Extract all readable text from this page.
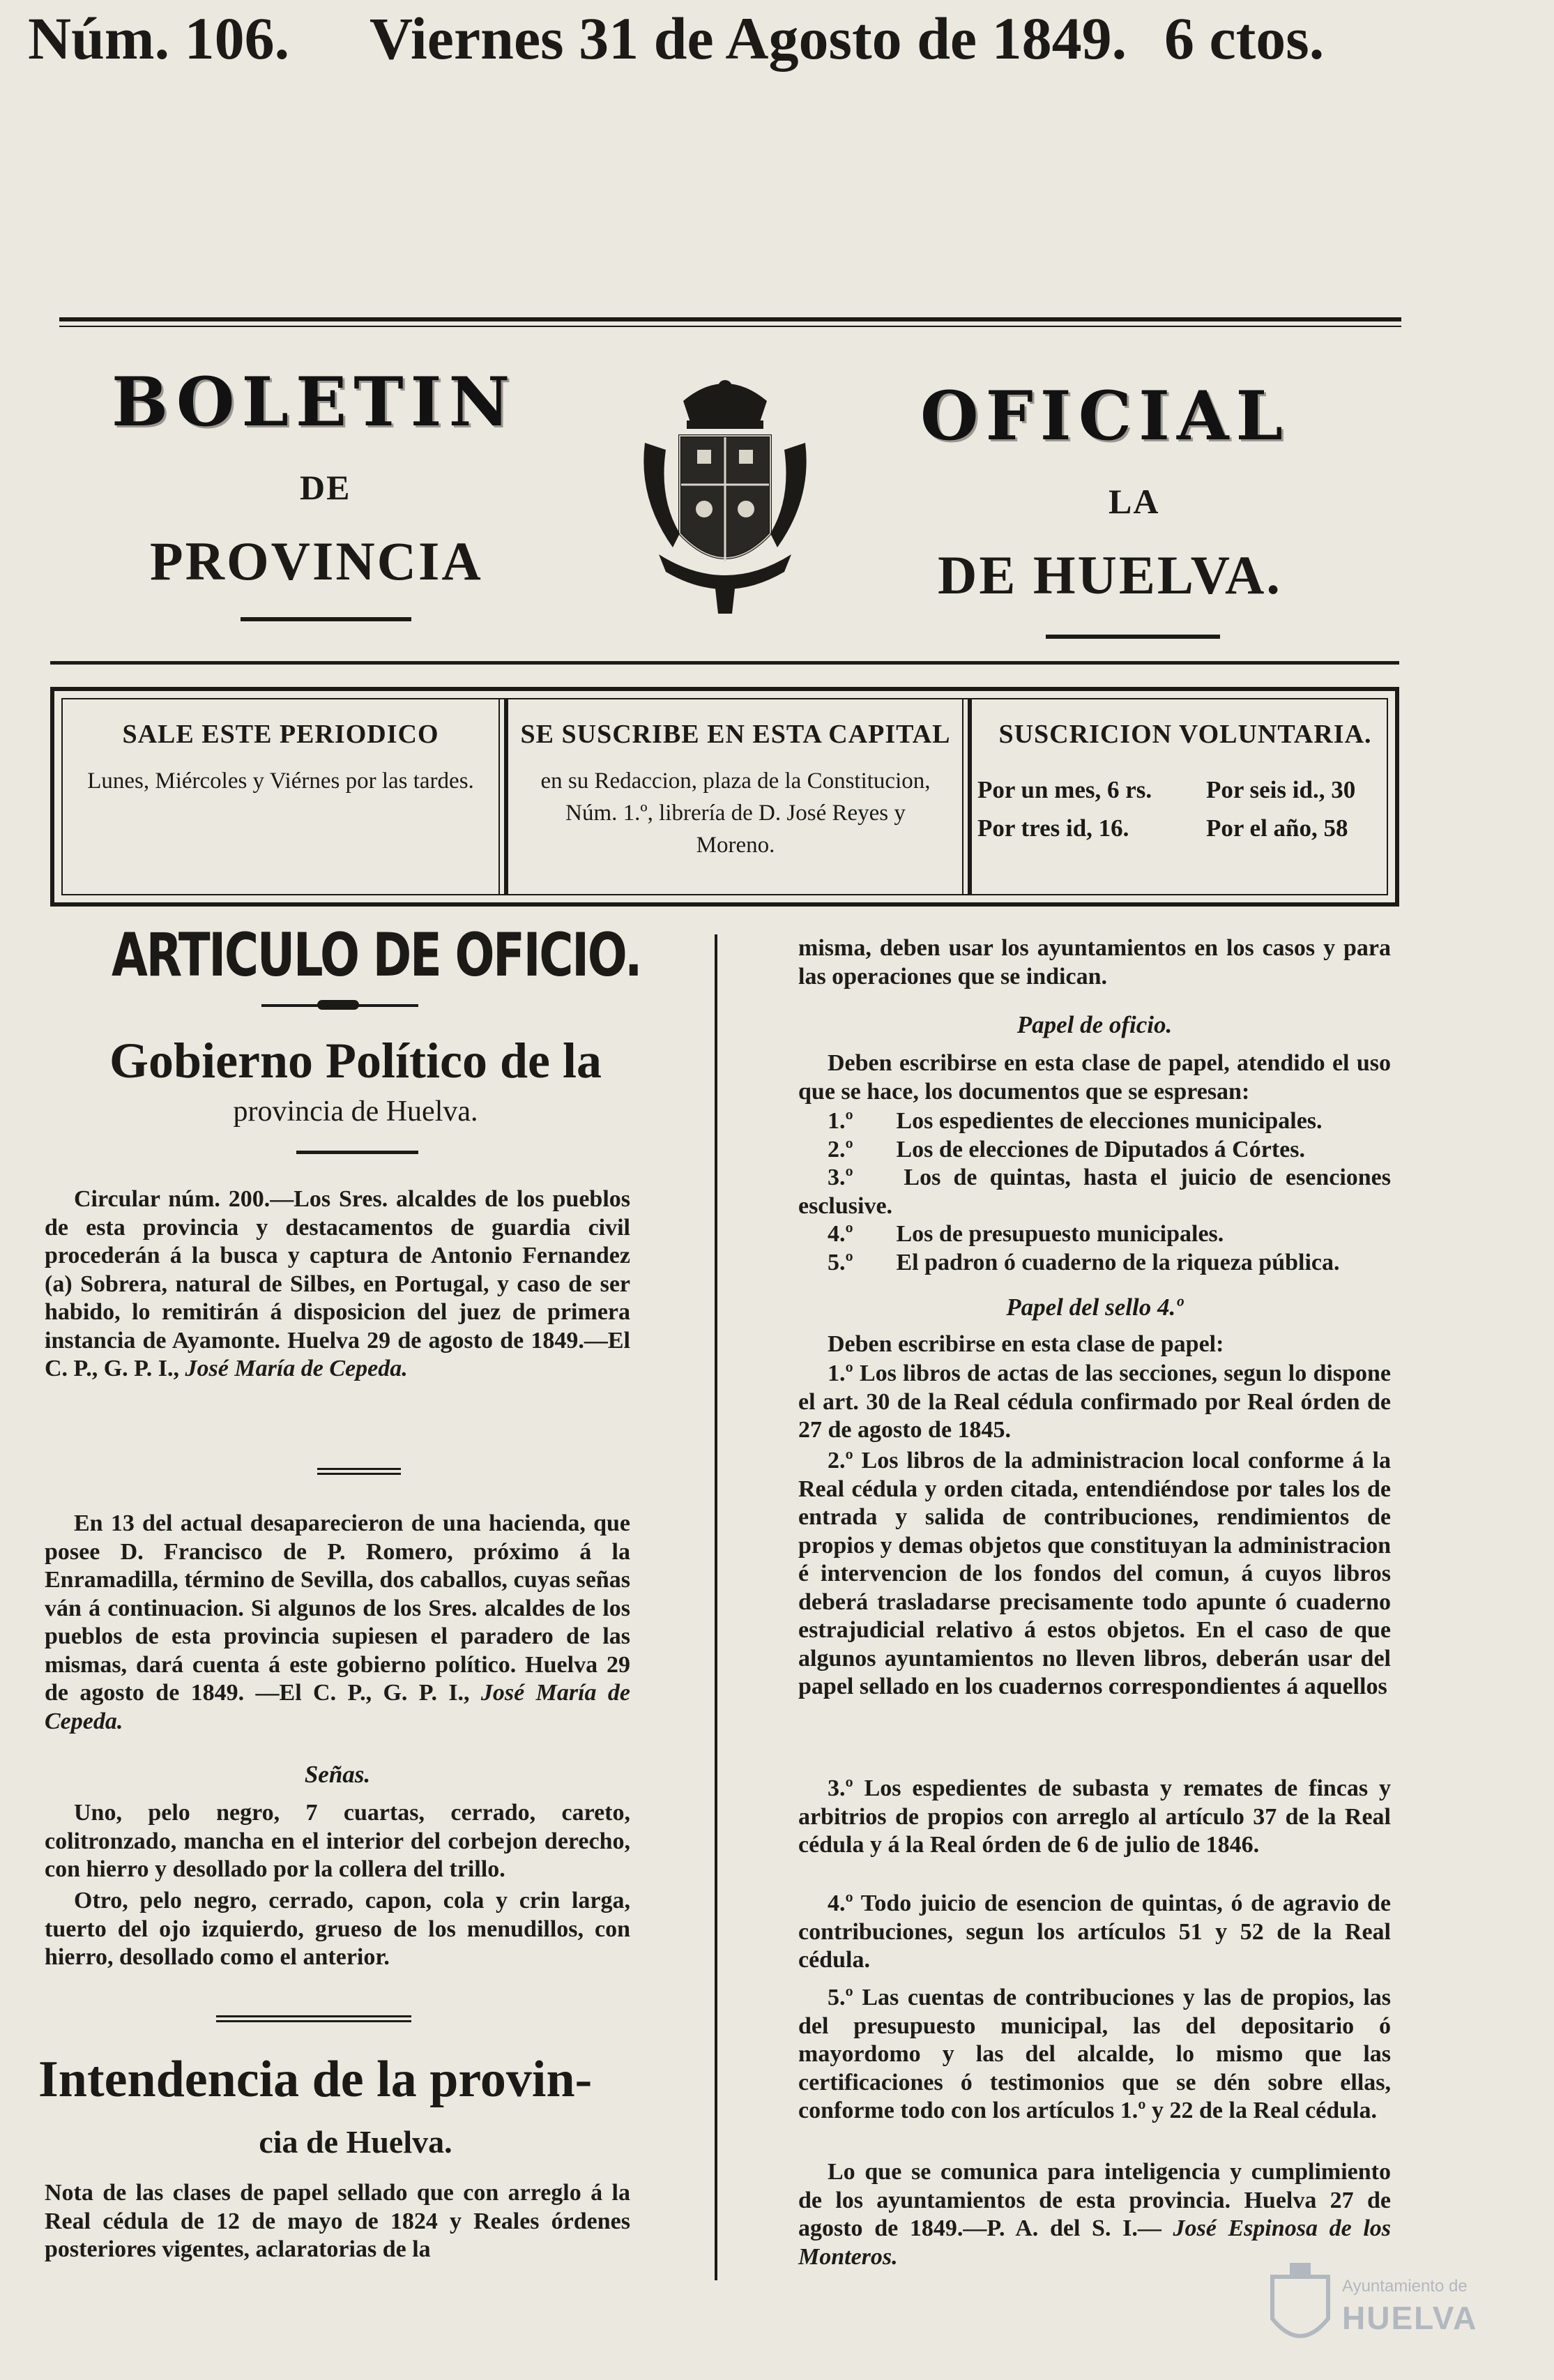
Núm. 106. Viernes 31 de Agosto de 1849. 6 ctos.
BOLETIN	OFICIAL
DE	LA
PROVINCIA	DE HUELVA.
SALE ESTE PERIODICO
Lunes, Miércoles y Viérnes por las tardes.
SE SUSCRIBE EN ESTA CAPITAL
en su Redaccion, plaza de la Constitucion, Núm. 1.º, librería de D. José Reyes y Moreno.
SUSCRICION VOLUNTARIA.
Por un mes, 6 rs. Por seis id., 30
Por tres id, 16.	Por el año, 58
ARTICULO DE OFICIO.
Gobierno Político de la
provincia de Huelva.
Circular núm. 200.—Los Sres. alcaldes de los pueblos de esta provincia y destacamentos de guardia civil procederán á la busca y captura de Antonio Fernandez (a) Sobrera, natural de Silbes, en Portugal, y caso de ser habido, lo remitirán á disposicion del juez de primera instancia de Ayamonte. Huelva 29 de agosto de 1849.—El C. P., G. P. I., José María de Cepeda.
En 13 del actual desaparecieron de una hacienda, que posee D. Francisco de P. Romero, próximo á la Enramadilla, término de Sevilla, dos caballos, cuyas señas ván á continuacion. Si algunos de los Sres. alcaldes de los pueblos de esta provincia supiesen el paradero de las mismas, dará cuenta á este gobierno político. Huelva 29 de agosto de 1849. —El C. P., G. P. I., José María de Cepeda.
Señas.
Uno, pelo negro, 7 cuartas, cerrado, careto, colitronzado, mancha en el interior del corbejon derecho, con hierro y desollado por la collera del trillo.
Otro, pelo negro, cerrado, capon, cola y crin larga, tuerto del ojo izquierdo, grueso de los menudillos, con hierro, desollado como el anterior.
Intendencia de la provin-
cia de Huelva.
Nota de las clases de papel sellado que con arreglo á la Real cédula de 12 de mayo de 1824 y Reales órdenes posteriores vigentes, aclaratorias de la
misma, deben usar los ayuntamientos en los casos y para las operaciones que se indican.
Papel de oficio.
Deben escribirse en esta clase de papel, atendido el uso que se hace, los documentos que se espresan:
1.º Los espedientes de elecciones municipales.
2.º Los de elecciones de Diputados á Córtes.
3.º Los de quintas, hasta el juicio de esenciones esclusive.
4.º Los de presupuesto municipales.
5.º El padron ó cuaderno de la riqueza pública.
Papel del sello 4.º
Deben escribirse en esta clase de papel:
1.º Los libros de actas de las secciones, segun lo dispone el art. 30 de la Real cédula confirmado por Real órden de 27 de agosto de 1845.
2.º Los libros de la administracion local conforme á la Real cédula y orden citada, entendiéndose por tales los de entrada y salida de contribuciones, rendimientos de propios y demas objetos que constituyan la administracion é intervencion de los fondos del comun, á cuyos libros deberá trasladarse precisamente todo apunte ó cuaderno estrajudicial relativo á estos objetos. En el caso de que algunos ayuntamientos no lleven libros, deberán usar del papel sellado en los cuadernos correspondientes á aquellos
3.º Los espedientes de subasta y remates de fincas y arbitrios de propios con arreglo al artículo 37 de la Real cédula y á la Real órden de 6 de julio de 1846.
4.º Todo juicio de esencion de quintas, ó de agravio de contribuciones, segun los artículos 51 y 52 de la Real cédula.
5.º Las cuentas de contribuciones y las de propios, las del presupuesto municipal, las del depositario ó mayordomo y las del alcalde, lo mismo que las certificaciones ó testimonios que se dén sobre ellas, conforme todo con los artículos 1.º y 22 de la Real cédula.
Lo que se comunica para inteligencia y cumplimiento de los ayuntamientos de esta provincia. Huelva 27 de agosto de 1849.—P. A. del S. I.— José Espinosa de los Monteros.
Ayuntamiento de
HUELVA
